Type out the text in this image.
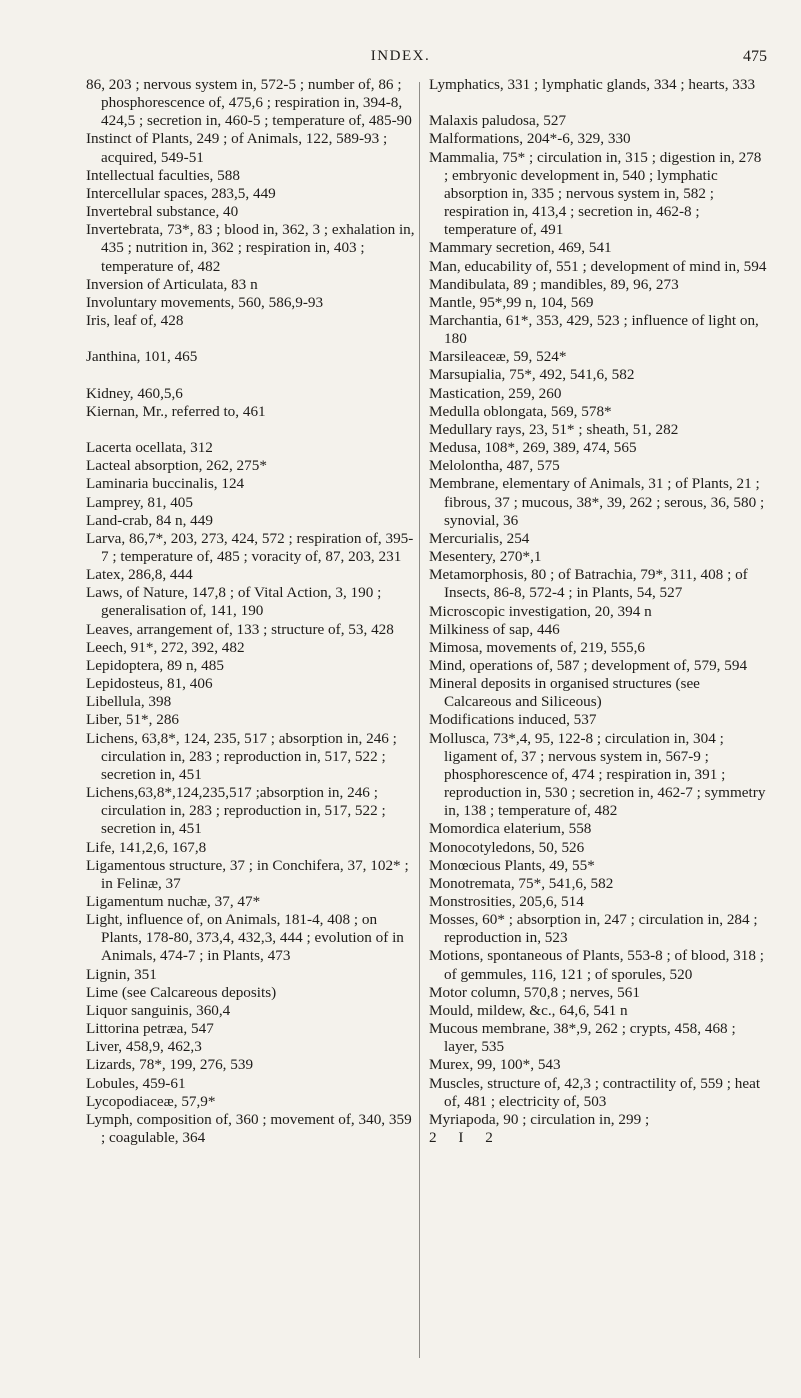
INDEX.	475

86, 203 ; nervous system in, 572-5 ; number of, 86 ; phosphorescence of, 475,6 ; respiration in, 394-8, 424,5 ; secretion in, 460-5 ; temperature of, 485-90

Instinct of Plants, 249 ; of Animals, 122, 589-93 ; acquired, 549-51

Intellectual faculties, 588

Intercellular spaces, 283,5, 449

Invertebral substance, 40

Invertebrata, 73*, 83 ; blood in, 362, 3 ; exhalation in, 435 ; nutrition in, 362 ; respiration in, 403 ; temperature of, 482

Inversion of Articulata, 83 n

Involuntary movements, 560, 586,9-93

Iris, leaf of, 428

Janthina, 101, 465

Kidney, 460,5,6

Kiernan, Mr., referred to, 461

Lacerta ocellata, 312

Lacteal absorption, 262, 275*

Laminaria buccinalis, 124

Lamprey, 81, 405

Land-crab, 84 n, 449

Larva, 86,7*, 203, 273, 424, 572 ; respiration of, 395-7 ; temperature of, 485 ; voracity of, 87, 203, 231

Latex, 286,8, 444

Laws, of Nature, 147,8 ; of Vital Action, 3, 190 ; generalisation of, 141, 190

Leaves, arrangement of, 133 ; structure of, 53, 428

Leech, 91*, 272, 392, 482

Lepidoptera, 89 n, 485

Lepidosteus, 81, 406

Libellula, 398

Liber, 51*, 286

Lichens, 63,8*, 124, 235, 517 ; absorption in, 246 ; circulation in, 283 ; reproduction in, 517, 522 ; secretion in, 451

Lichens,63,8*,124,235,517 ;absorption in, 246 ; circulation in, 283 ; reproduction in, 517, 522 ; secretion in, 451

Life, 141,2,6, 167,8

Ligamentous structure, 37 ; in Conchifera, 37, 102* ; in Felinæ, 37

Ligamentum nuchæ, 37, 47*

Light, influence of, on Animals, 181-4, 408 ; on Plants, 178-80, 373,4, 432,3, 444 ; evolution of in Animals, 474-7 ; in Plants, 473

Lignin, 351

Lime (see Calcareous deposits)

Liquor sanguinis, 360,4

Littorina petræa, 547

Liver, 458,9, 462,3

Lizards, 78*, 199, 276, 539

Lobules, 459-61

Lycopodiaceæ, 57,9*

Lymph, composition of, 360 ; movement of, 340, 359 ; coagulable, 364

Lymphatics, 331 ; lymphatic glands, 334 ; hearts, 333

Malaxis paludosa, 527

Malformations, 204*-6, 329, 330

Mammalia, 75* ; circulation in, 315 ; digestion in, 278 ; embryonic development in, 540 ; lymphatic absorption in, 335 ; nervous system in, 582 ; respiration in, 413,4 ; secretion in, 462-8 ; temperature of, 491

Mammary secretion, 469, 541

Man, educability of, 551 ; development of mind in, 594

Mandibulata, 89 ; mandibles, 89, 96, 273

Mantle, 95*,99 n, 104, 569

Marchantia, 61*, 353, 429, 523 ; influence of light on, 180

Marsileaceæ, 59, 524*

Marsupialia, 75*, 492, 541,6, 582

Mastication, 259, 260

Medulla oblongata, 569, 578*

Medullary rays, 23, 51* ; sheath, 51, 282

Medusa, 108*, 269, 389, 474, 565

Melolontha, 487, 575

Membrane, elementary of Animals, 31 ; of Plants, 21 ; fibrous, 37 ; mucous, 38*, 39, 262 ; serous, 36, 580 ; synovial, 36

Mercurialis, 254

Mesentery, 270*,1

Metamorphosis, 80 ; of Batrachia, 79*, 311, 408 ; of Insects, 86-8, 572-4 ; in Plants, 54, 527

Microscopic investigation, 20, 394 n

Milkiness of sap, 446

Mimosa, movements of, 219, 555,6

Mind, operations of, 587 ; development of, 579, 594

Mineral deposits in organised structures (see Calcareous and Siliceous)

Modifications induced, 537

Mollusca, 73*,4, 95, 122-8 ; circulation in, 304 ; ligament of, 37 ; nervous system in, 567-9 ; phosphorescence of, 474 ; respiration in, 391 ; reproduction in, 530 ; secretion in, 462-7 ; symmetry in, 138 ; temperature of, 482

Momordica elaterium, 558

Monocotyledons, 50, 526

Monœcious Plants, 49, 55*

Monotremata, 75*, 541,6, 582

Monstrosities, 205,6, 514

Mosses, 60* ; absorption in, 247 ; circulation in, 284 ; reproduction in, 523

Motions, spontaneous of Plants, 553-8 ; of blood, 318 ; of gemmules, 116, 121 ; of sporules, 520

Motor column, 570,8 ; nerves, 561

Mould, mildew, &c., 64,6, 541 n

Mucous membrane, 38*,9, 262 ; crypts, 458, 468 ; layer, 535

Murex, 99, 100*, 543

Muscles, structure of, 42,3 ; contractility of, 559 ; heat of, 481 ; electricity of, 503

Myriapoda, 90 ; circulation in, 299 ;

2 I 2
